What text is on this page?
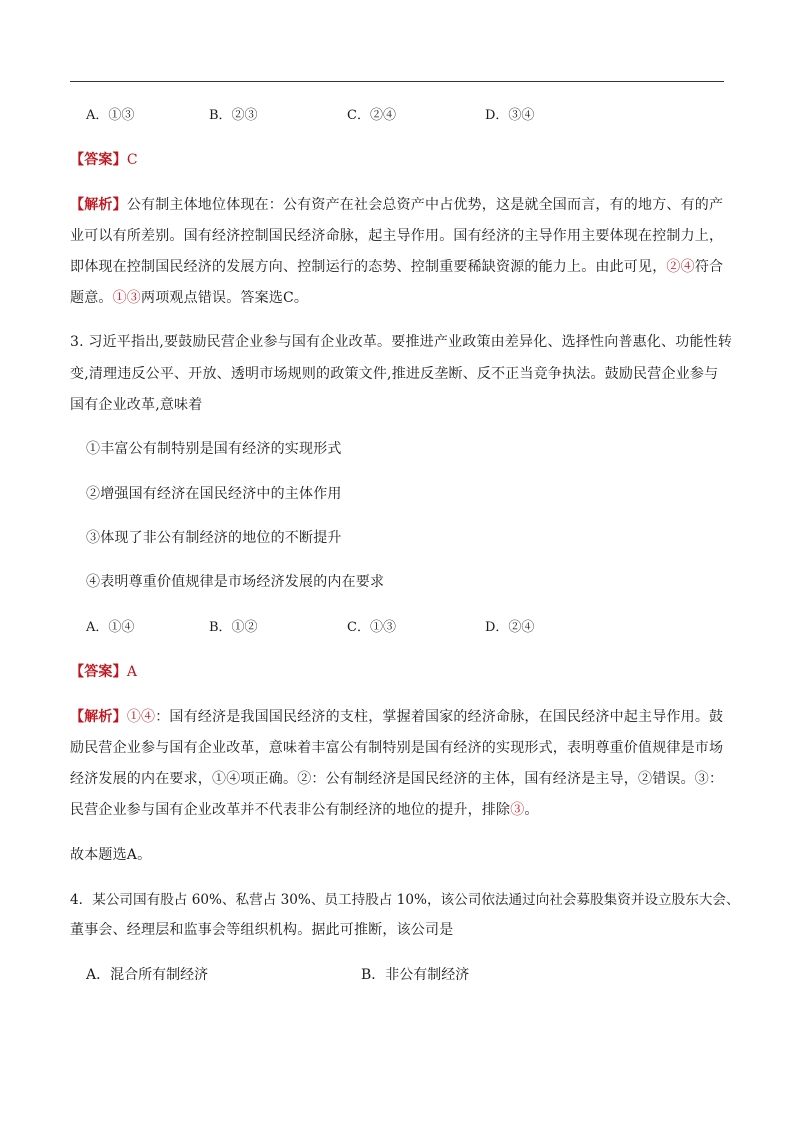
A．①③	B．②③	C．②④	D．③④
【答案】C
【解析】公有制主体地位体现在：公有资产在社会总资产中占优势，这是就全国而言，有的地方、有的产
业可以有所差别。国有经济控制国民经济命脉，起主导作用。国有经济的主导作用主要体现在控制力上，
即体现在控制国民经济的发展方向、控制运行的态势、控制重要稀缺资源的能力上。由此可见，②④符合
题意。①③两项观点错误。答案选C。
3. 习近平指出,要鼓励民营企业参与国有企业改革。要推进产业政策由差异化、选择性向普惠化、功能性转
变,清理违反公平、开放、透明市场规则的政策文件,推进反垄断、反不正当竞争执法。鼓励民营企业参与
国有企业改革,意味着
①丰富公有制特别是国有经济的实现形式
②增强国有经济在国民经济中的主体作用
③体现了非公有制经济的地位的不断提升
④表明尊重价值规律是市场经济发展的内在要求
A．①④	B．①②	C．①③	D．②④
【答案】A
【解析】①④：国有经济是我国国民经济的支柱，掌握着国家的经济命脉，在国民经济中起主导作用。鼓
励民营企业参与国有企业改革，意味着丰富公有制特别是国有经济的实现形式，表明尊重价值规律是市场
经济发展的内在要求，①④项正确。②：公有制经济是国民经济的主体，国有经济是主导，②错误。③：
民营企业参与国有企业改革并不代表非公有制经济的地位的提升，排除③。
故本题选A。
4．某公司国有股占 60%、私营占 30%、员工持股占 10%，该公司依法通过向社会募股集资并设立股东大会、
董事会、经理层和监事会等组织机构。据此可推断，该公司是
A．混合所有制经济	B．非公有制经济
